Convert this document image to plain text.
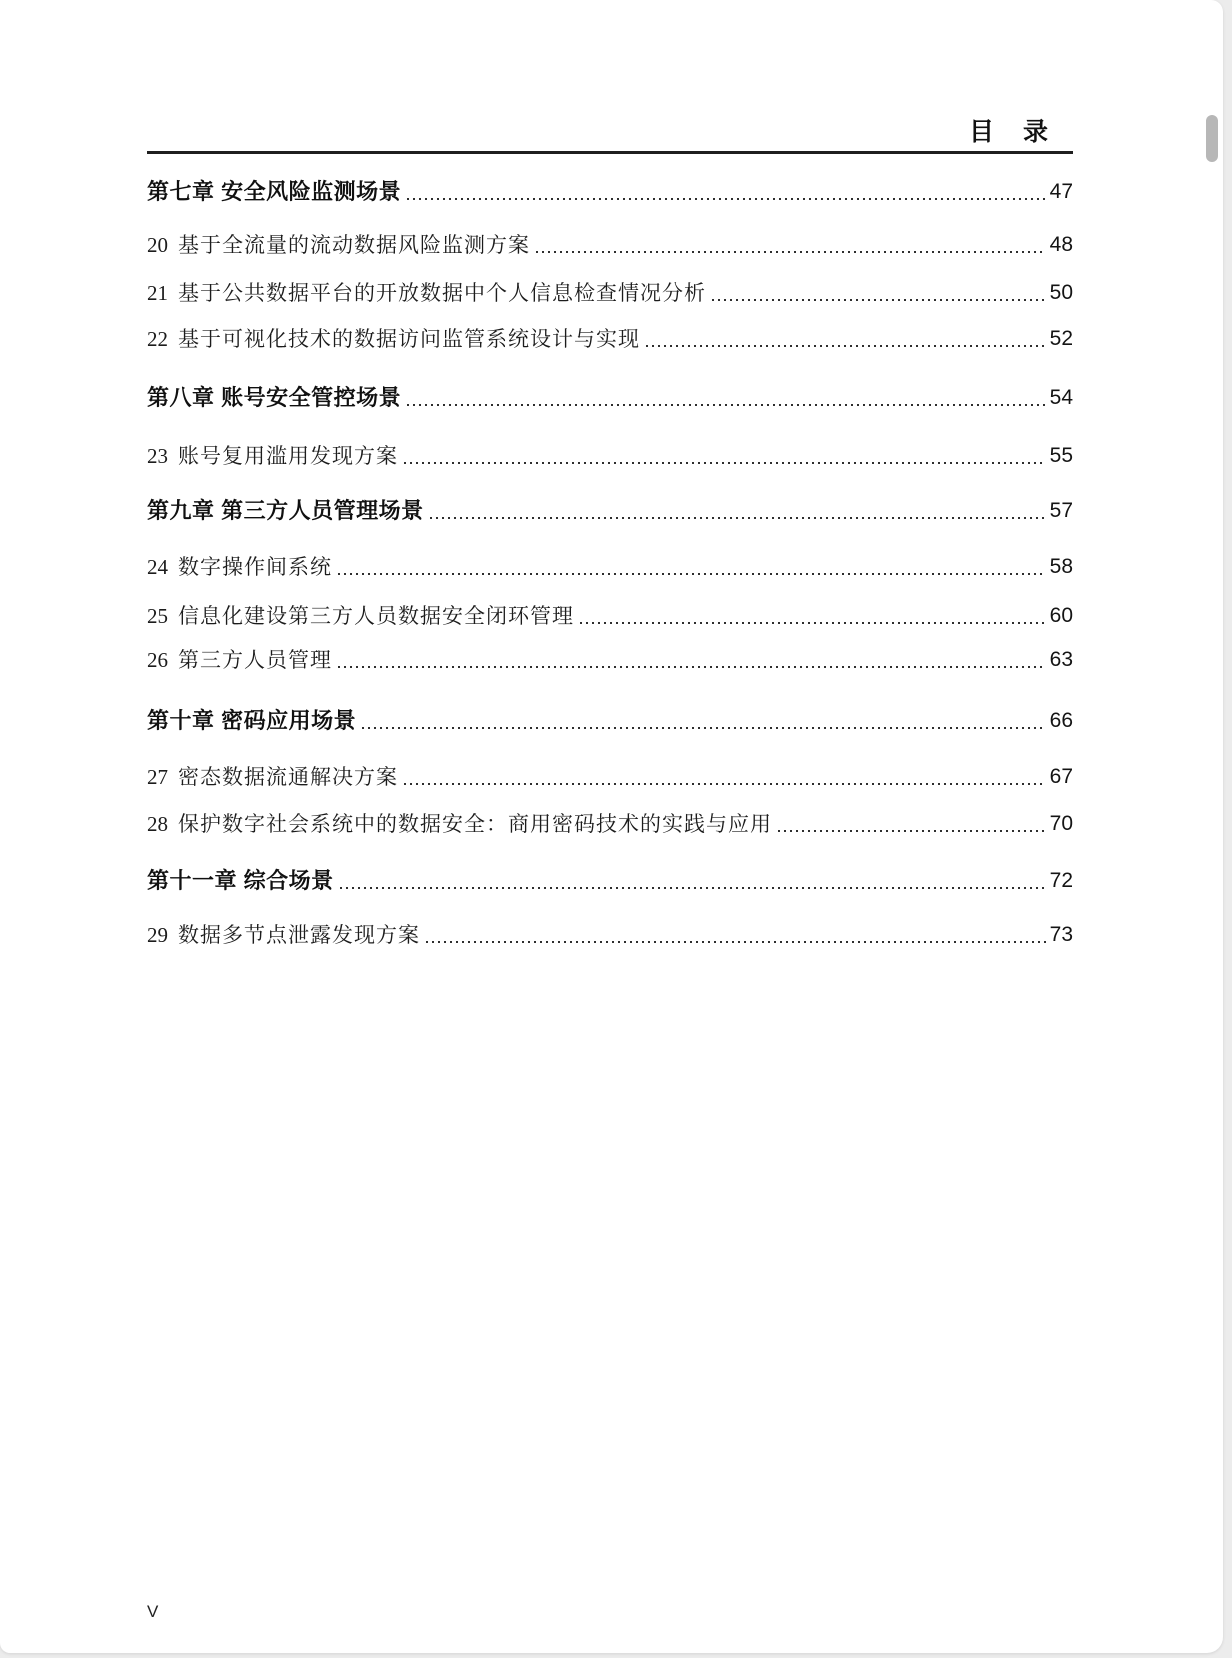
目　录
第七章 安全风险监测场景	47
20 基于全流量的流动数据风险监测方案	48
21 基于公共数据平台的开放数据中个人信息检查情况分析	50
22 基于可视化技术的数据访问监管系统设计与实现	52
第八章 账号安全管控场景	54
23 账号复用滥用发现方案	55
第九章 第三方人员管理场景	57
24 数字操作间系统	58
25 信息化建设第三方人员数据安全闭环管理	60
26 第三方人员管理	63
第十章 密码应用场景	66
27 密态数据流通解决方案	67
28 保护数字社会系统中的数据安全：商用密码技术的实践与应用	70
第十一章 综合场景	72
29 数据多节点泄露发现方案	73
V
